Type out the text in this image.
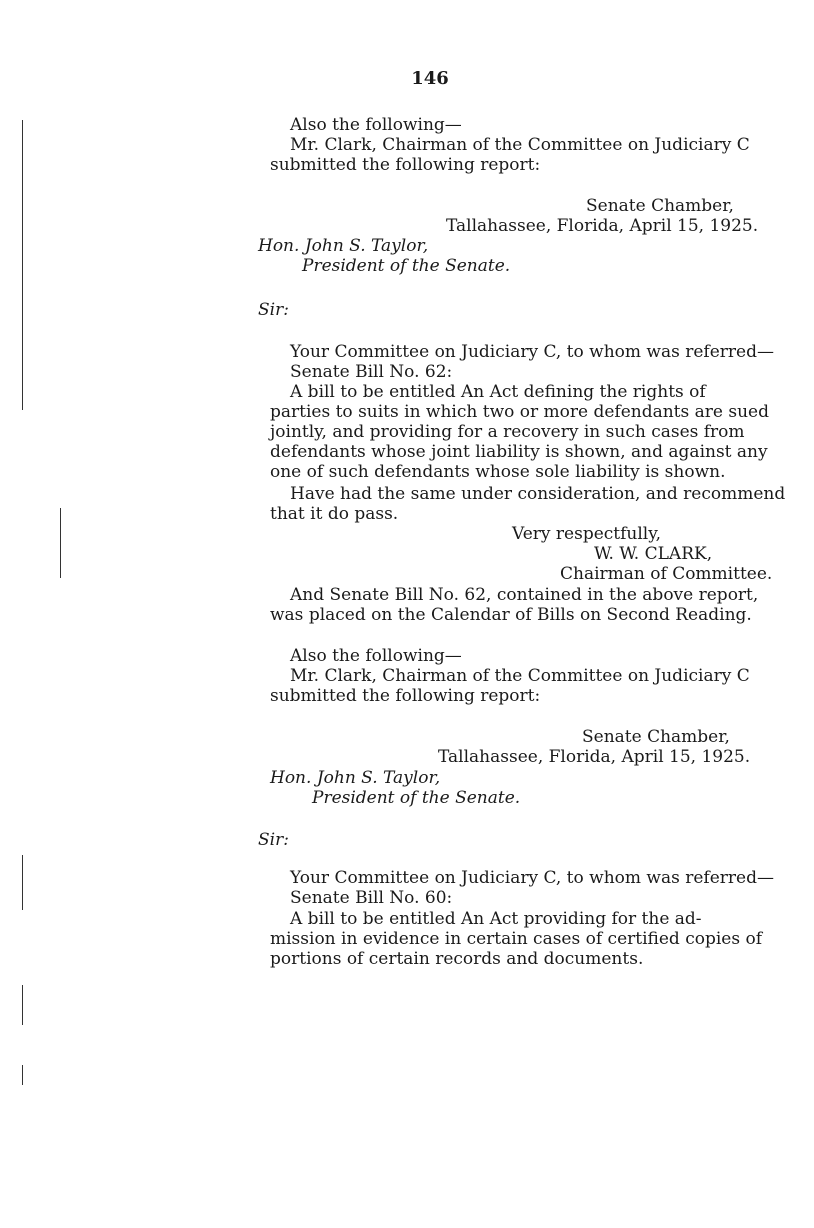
146
Also the following—

Mr. Clark, Chairman of the Committee on Judiciary C

submitted the following report:

Senate Chamber,
Tallahassee, Florida, April 15, 1925.
Hon. John S. Taylor,
President of the Senate.
Sir:
Your Committee on Judiciary C, to whom was referred—
Senate Bill No. 62:

A bill to be entitled An Act defining the rights of

parties to suits in which two or more defendants are sued

jointly, and providing for a recovery in such cases from

defendants whose joint liability is shown, and against any

one of such defendants whose sole liability is shown.

Have had the same under consideration, and recommend

that it do pass.

Very respectfully,
W. W. CLARK,
Chairman of Committee.

And Senate Bill No. 62, contained in the above report,

was placed on the Calendar of Bills on Second Reading.

Also the following—

Mr. Clark, Chairman of the Committee on Judiciary C

submitted the following report:

Senate Chamber,
Tallahassee, Florida, April 15, 1925.
Hon. John S. Taylor,
President of the Senate.
Sir:
Your Committee on Judiciary C, to whom was referred—
Senate Bill No. 60:

A bill to be entitled An Act providing for the ad-

mission in evidence in certain cases of certified copies of

portions of certain records and documents.
